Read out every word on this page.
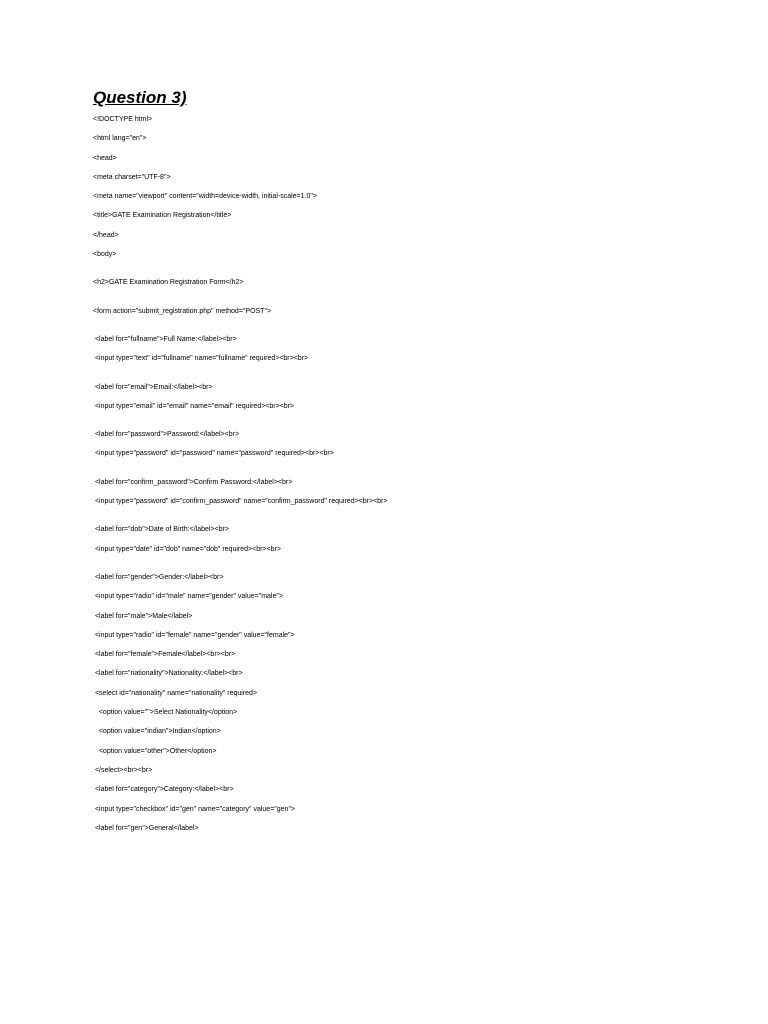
Question 3)
<!DOCTYPE html>
<html lang="en">
<head>
<meta charset="UTF-8">
<meta name="viewport" content="width=device-width, initial-scale=1.0">
<title>GATE Examination Registration</title>
</head>
<body>
<h2>GATE Examination Registration Form</h2>
<form action="submit_registration.php" method="POST">
<label for="fullname">Full Name:</label><br>
<input type="text" id="fullname" name="fullname" required><br><br>
<label for="email">Email:</label><br>
<input type="email" id="email" name="email" required><br><br>
<label for="password">Password:</label><br>
<input type="password" id="password" name="password" required><br><br>
<label for="confirm_password">Confirm Password:</label><br>
<input type="password" id="confirm_password" name="confirm_password" required><br><br>
<label for="dob">Date of Birth:</label><br>
<input type="date" id="dob" name="dob" required><br><br>
<label for="gender">Gender:</label><br>
<input type="radio" id="male" name="gender" value="male">
<label for="male">Male</label>
<input type="radio" id="female" name="gender" value="female">
<label for="female">Female</label><br><br>
<label for="nationality">Nationality:</label><br>
<select id="nationality" name="nationality" required>
<option value="">Select Nationality</option>
<option value="indian">Indian</option>
<option value="other">Other</option>
</select><br><br>
<label for="category">Category:</label><br>
<input type="checkbox" id="gen" name="category" value="gen">
<label for="gen">General</label>
